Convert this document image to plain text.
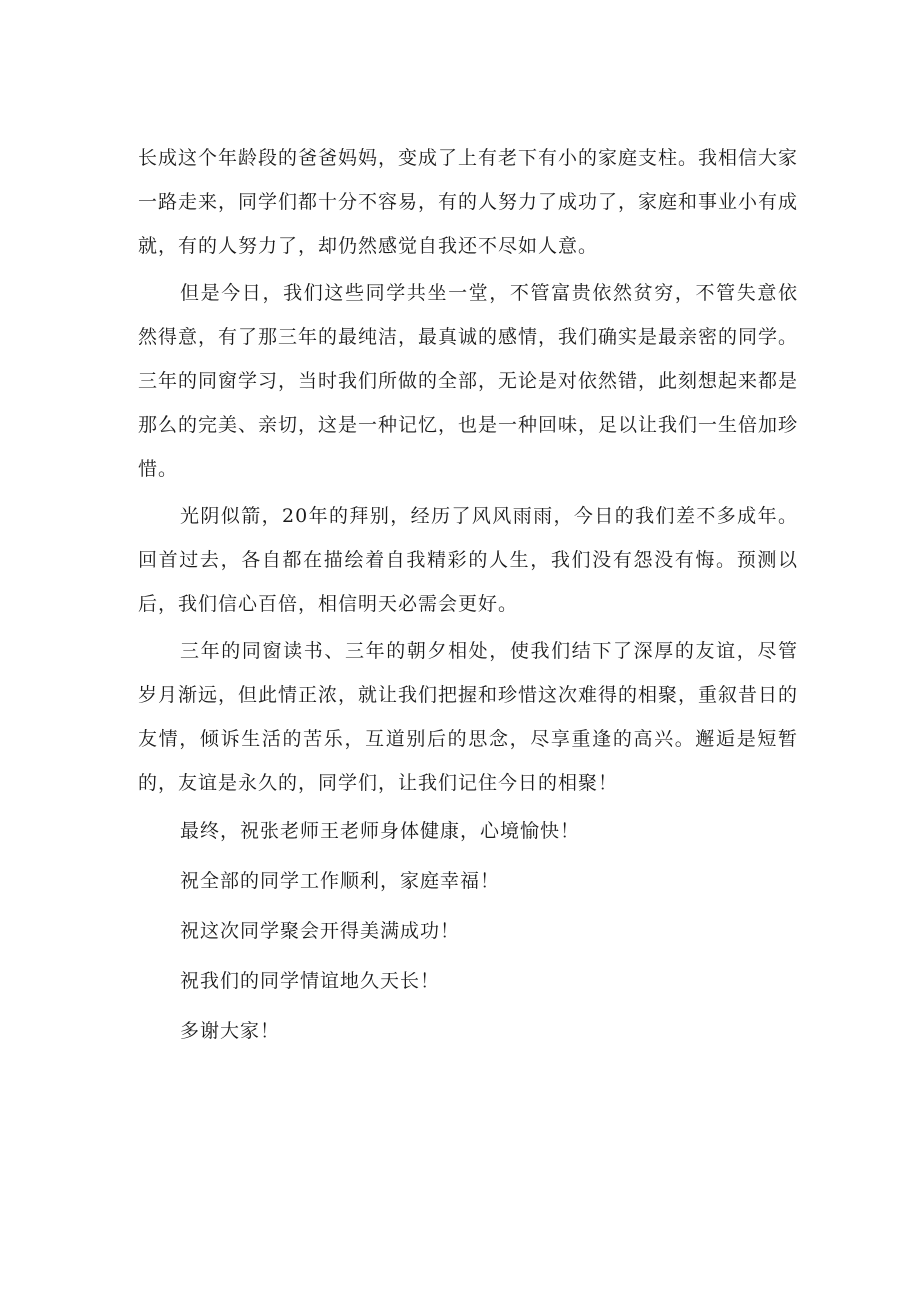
长成这个年龄段的爸爸妈妈，变成了上有老下有小的家庭支柱。我相信大家一路走来，同学们都十分不容易，有的人努力了成功了，家庭和事业小有成就，有的人努力了，却仍然感觉自我还不尽如人意。

但是今日，我们这些同学共坐一堂，不管富贵依然贫穷，不管失意依然得意，有了那三年的最纯洁，最真诚的感情，我们确实是最亲密的同学。三年的同窗学习，当时我们所做的全部，无论是对依然错，此刻想起来都是那么的完美、亲切，这是一种记忆，也是一种回味，足以让我们一生倍加珍惜。

光阴似箭，20年的拜别，经历了风风雨雨，今日的我们差不多成年。回首过去，各自都在描绘着自我精彩的人生，我们没有怨没有悔。预测以后，我们信心百倍，相信明天必需会更好。

三年的同窗读书、三年的朝夕相处，使我们结下了深厚的友谊，尽管岁月渐远，但此情正浓，就让我们把握和珍惜这次难得的相聚，重叙昔日的友情，倾诉生活的苦乐，互道别后的思念，尽享重逢的高兴。邂逅是短暂的，友谊是永久的，同学们，让我们记住今日的相聚！

最终，祝张老师王老师身体健康，心境愉快！

祝全部的同学工作顺利，家庭幸福！

祝这次同学聚会开得美满成功！

祝我们的同学情谊地久天长！

多谢大家！
